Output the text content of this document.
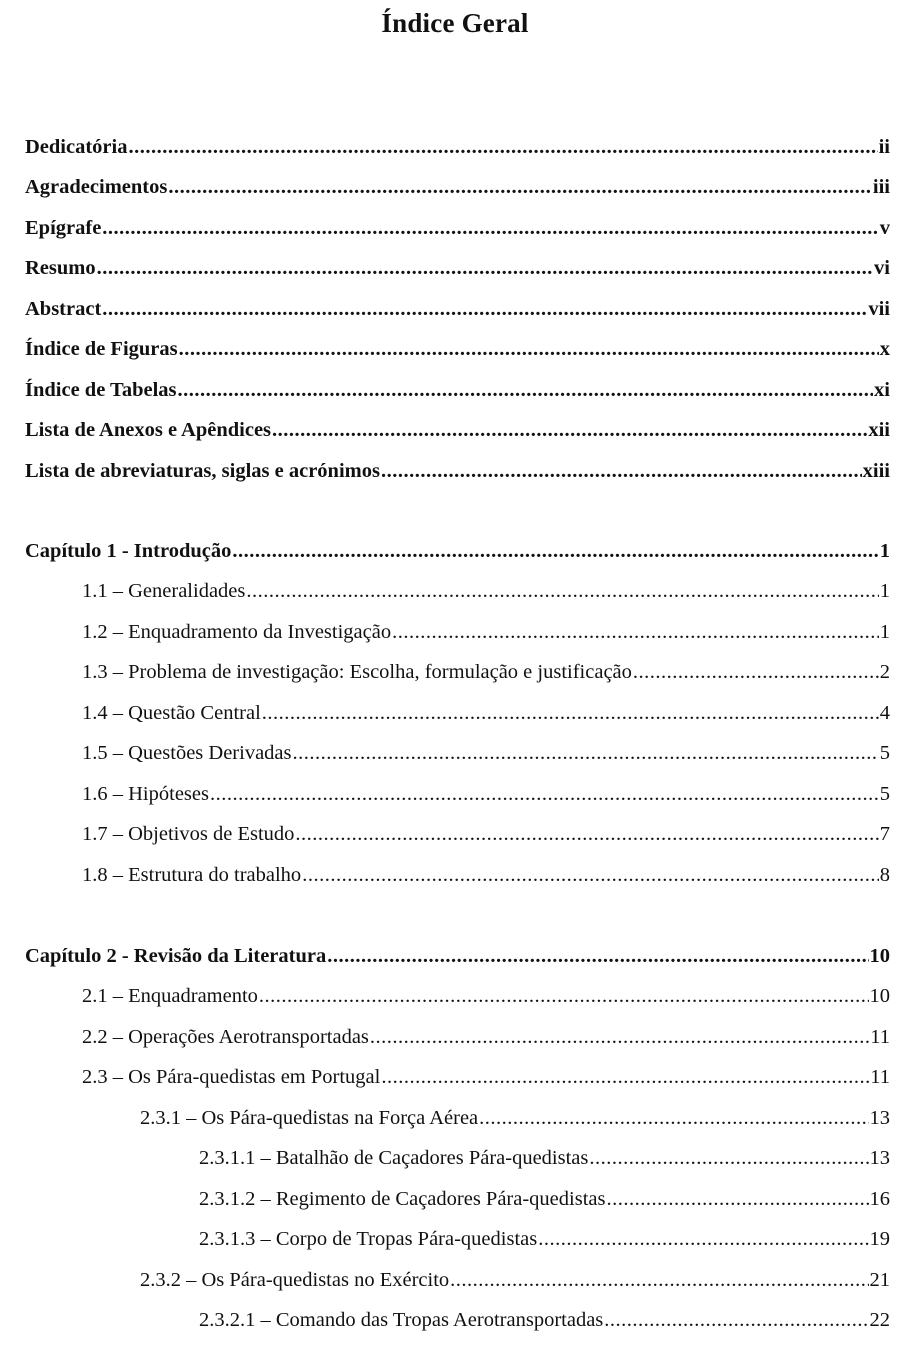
Índice Geral
Dedicatória .....	ii
Agradecimentos .....	iii
Epígrafe .....	v
Resumo .....	vi
Abstract .....	vii
Índice de Figuras .....	x
Índice de Tabelas .....	xi
Lista de Anexos e Apêndices .....	xii
Lista de abreviaturas, siglas e acrónimos .....	xiii
Capítulo 1 - Introdução .....	1
1.1 – Generalidades .....	1
1.2 – Enquadramento da Investigação .....	1
1.3 – Problema de investigação: Escolha, formulação e justificação .....	2
1.4 – Questão Central .....	4
1.5 – Questões Derivadas .....	5
1.6 – Hipóteses .....	5
1.7 – Objetivos de Estudo .....	7
1.8 – Estrutura do trabalho .....	8
Capítulo 2 - Revisão da Literatura .....	10
2.1 – Enquadramento .....	10
2.2 – Operações Aerotransportadas .....	11
2.3 – Os Pára-quedistas em Portugal .....	11
2.3.1 – Os Pára-quedistas na Força Aérea .....	13
2.3.1.1 – Batalhão de Caçadores Pára-quedistas .....	13
2.3.1.2 – Regimento de Caçadores Pára-quedistas .....	16
2.3.1.3 – Corpo de Tropas Pára-quedistas .....	19
2.3.2 – Os Pára-quedistas no Exército .....	21
2.3.2.1 – Comando das Tropas Aerotransportadas .....	22
